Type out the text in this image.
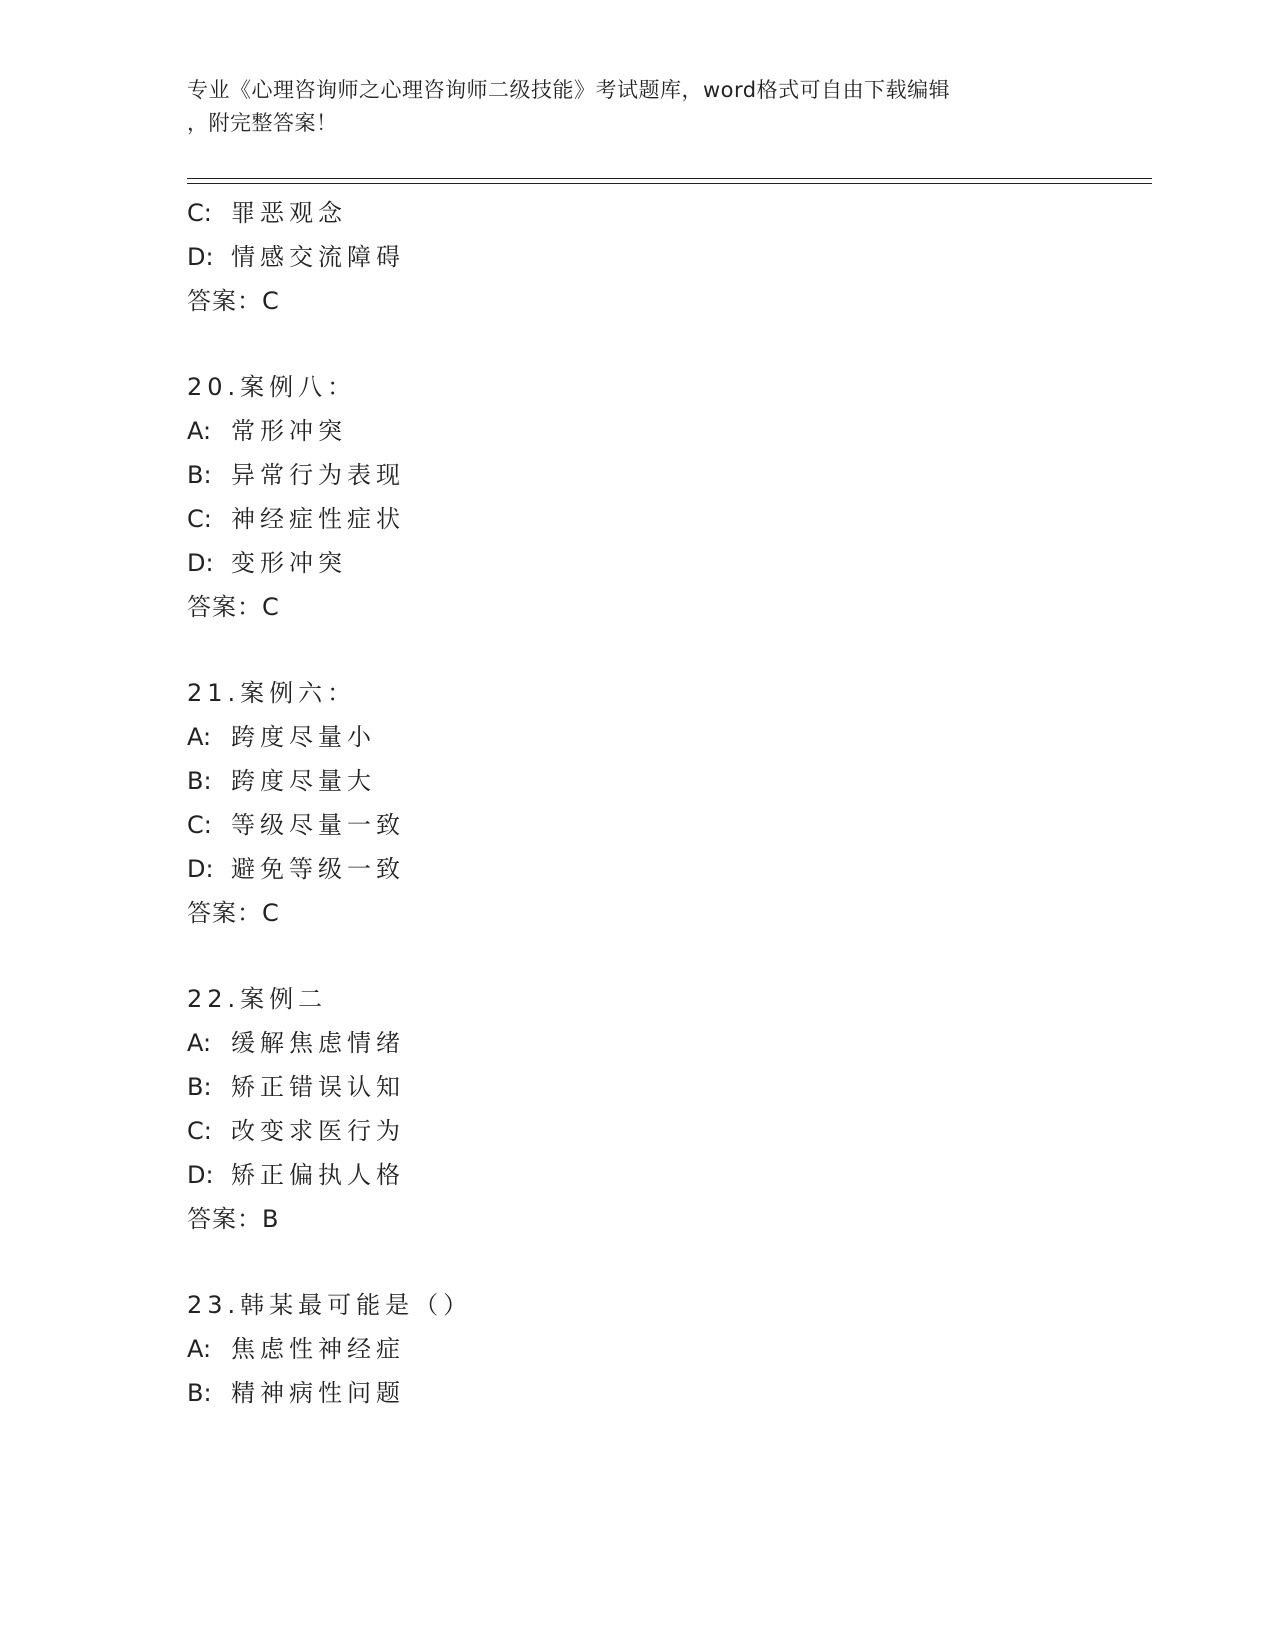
专业《心理咨询师之心理咨询师二级技能》考试题库，word格式可自由下载编辑
，附完整答案！
C:罪恶观念
D:情感交流障碍
答案：C
20.案例八：
A:常形冲突
B:异常行为表现
C:神经症性症状
D:变形冲突
答案：C
21.案例六：
A:跨度尽量小
B:跨度尽量大
C:等级尽量一致
D:避免等级一致
答案：C
22.案例二
A:缓解焦虑情绪
B:矫正错误认知
C:改变求医行为
D:矫正偏执人格
答案：B
23.韩某最可能是（）
A:焦虑性神经症
B:精神病性问题
